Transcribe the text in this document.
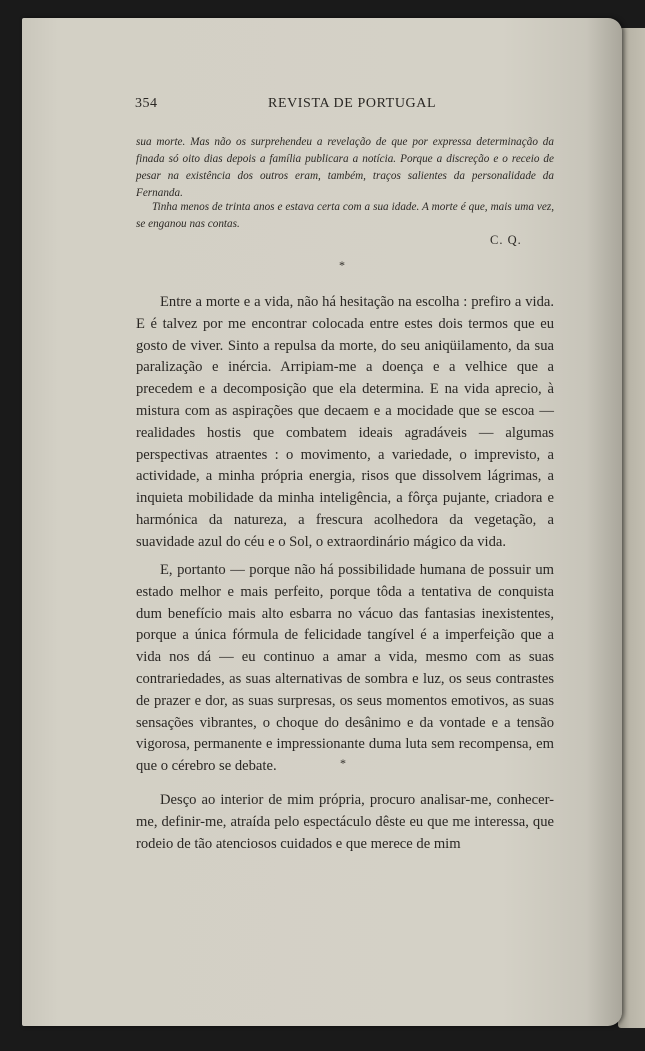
354	REVISTA DE PORTUGAL

sua morte. Mas não os surprehendeu a revelação de que por expressa determinação da finada só oito dias depois a família publicara a notícia. Porque a discreção e o receio de pesar na existência dos outros eram, também, traços salientes da personalidade da Fernanda.

Tinha menos de trinta anos e estava certa com a sua idade. A morte é que, mais uma vez, se enganou nas contas.

C. Q.
*

Entre a morte e a vida, não há hesitação na escolha : prefiro a vida. E é talvez por me encontrar colocada entre estes dois termos que eu gosto de viver. Sinto a repulsa da morte, do seu aniqüilamento, da sua paralização e inércia. Arripiam-me a doença e a velhice que a precedem e a decomposição que ela determina. E na vida aprecio, à mistura com as aspirações que decaem e a mocidade que se escoa — realidades hostis que combatem ideais agradáveis — algumas perspectivas atraentes : o movimento, a variedade, o imprevisto, a actividade, a minha própria energia, risos que dissolvem lágrimas, a inquieta mobilidade da minha inteligência, a fôrça pujante, criadora e harmónica da natureza, a frescura acolhedora da vegetação, a suavidade azul do céu e o Sol, o extraordinário mágico da vida.

E, portanto — porque não há possibilidade humana de possuir um estado melhor e mais perfeito, porque tôda a tentativa de conquista dum benefício mais alto esbarra no vácuo das fantasias inexistentes, porque a única fórmula de felicidade tangível é a imperfeição que a vida nos dá — eu continuo a amar a vida, mesmo com as suas contrariedades, as suas alternativas de sombra e luz, os seus contrastes de prazer e dor, as suas surpresas, os seus momentos emotivos, as suas sensações vibrantes, o choque do desânimo e da vontade e a tensão vigorosa, permanente e impressionante duma luta sem recompensa, em que o cérebro se debate.	*

Desço ao interior de mim própria, procuro analisar-me, conhecer-me, definir-me, atraída pelo espectáculo dêste eu que me interessa, que rodeio de tão atenciosos cuidados e que merece de mim
